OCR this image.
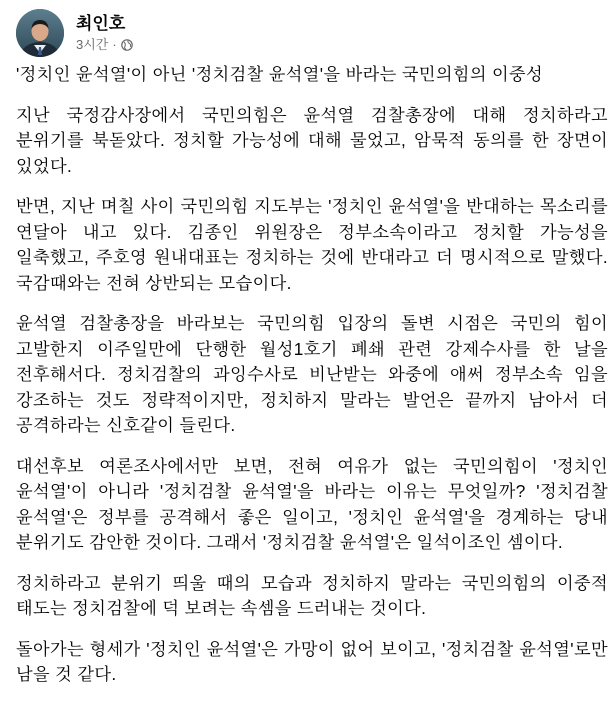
최인호
3시간 ·

'정치인 윤석열'이 아닌 '정치검찰 윤석열'을 바라는 국민의힘의 이중성

지난 국정감사장에서 국민의힘은 윤석열 검찰총장에 대해 정치하라고 분위기를 북돋았다. 정치할 가능성에 대해 물었고, 암묵적 동의를 한 장면이 있었다.

반면, 지난 며칠 사이 국민의힘 지도부는 '정치인 윤석열'을 반대하는 목소리를 연달아 내고 있다. 김종인 위원장은 정부소속이라고 정치할 가능성을 일축했고, 주호영 원내대표는 정치하는 것에 반대라고 더 명시적으로 말했다. 국감때와는 전혀 상반되는 모습이다.

윤석열 검찰총장을 바라보는 국민의힘 입장의 돌변 시점은 국민의 힘이 고발한지 이주일만에 단행한 월성1호기 폐쇄 관련 강제수사를 한 날을 전후해서다. 정치검찰의 과잉수사로 비난받는 와중에 애써 정부소속 임을 강조하는 것도 정략적이지만, 정치하지 말라는 발언은 끝까지 남아서 더 공격하라는 신호같이 들린다.

대선후보 여론조사에서만 보면, 전혀 여유가 없는 국민의힘이 '정치인 윤석열'이 아니라 '정치검찰 윤석열'을 바라는 이유는 무엇일까? '정치검찰 윤석열'은 정부를 공격해서 좋은 일이고, '정치인 윤석열'을 경계하는 당내 분위기도 감안한 것이다. 그래서 '정치검찰 윤석열'은 일석이조인 셈이다.

정치하라고 분위기 띄울 때의 모습과 정치하지 말라는 국민의힘의 이중적 태도는 정치검찰에 덕 보려는 속셈을 드러내는 것이다.

돌아가는 형세가 '정치인 윤석열'은 가망이 없어 보이고, '정치검찰 윤석열'로만 남을 것 같다.
